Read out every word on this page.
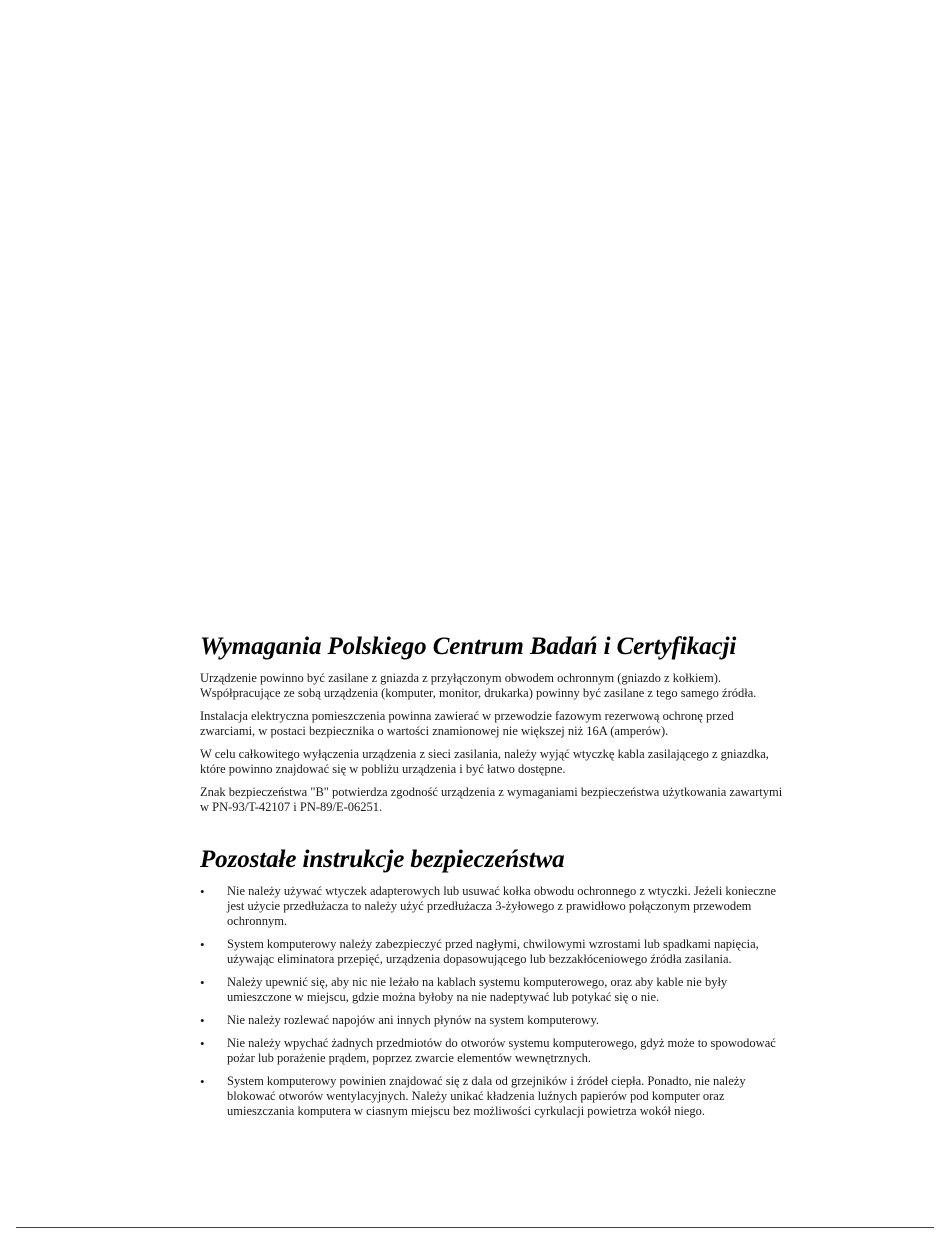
Wymagania Polskiego Centrum Badań i Certyfikacji

Urządzenie powinno być zasilane z gniazda z przyłączonym obwodem ochronnym (gniazdo z kołkiem). Współpracujące ze sobą urządzenia (komputer, monitor, drukarka) powinny być zasilane z tego samego źródła.

Instalacja elektryczna pomieszczenia powinna zawierać w przewodzie fazowym rezerwową ochronę przed zwarciami, w postaci bezpiecznika o wartości znamionowej nie większej niż 16A (amperów).

W celu całkowitego wyłączenia urządzenia z sieci zasilania, należy wyjąć wtyczkę kabla zasilającego z gniazdka, które powinno znajdować się w pobliżu urządzenia i być łatwo dostępne.

Znak bezpieczeństwa "B" potwierdza zgodność urządzenia z wymaganiami bezpieczeństwa użytkowania zawartymi w PN-93/T-42107 i PN-89/E-06251.

Pozostałe instrukcje bezpieczeństwa
• Nie należy używać wtyczek adapterowych lub usuwać kołka obwodu ochronnego z wtyczki. Jeżeli konieczne jest użycie przedłużacza to należy użyć przedłużacza 3-żyłowego z prawidłowo połączonym przewodem ochronnym.
• System komputerowy należy zabezpieczyć przed nagłymi, chwilowymi wzrostami lub spadkami napięcia, używając eliminatora przepięć, urządzenia dopasowującego lub bezzakłóceniowego źródła zasilania.
• Należy upewnić się, aby nic nie leżało na kablach systemu komputerowego, oraz aby kable nie były umieszczone w miejscu, gdzie można byłoby na nie nadeptywać lub potykać się o nie.
• Nie należy rozlewać napojów ani innych płynów na system komputerowy.
• Nie należy wpychać żadnych przedmiotów do otworów systemu komputerowego, gdyż może to spowodować pożar lub porażenie prądem, poprzez zwarcie elementów wewnętrznych.
• System komputerowy powinien znajdować się z dala od grzejników i źródeł ciepła. Ponadto, nie należy blokować otworów wentylacyjnych. Należy unikać kładzenia luźnych papierów pod komputer oraz umieszczania komputera w ciasnym miejscu bez możliwości cyrkulacji powietrza wokół niego.
